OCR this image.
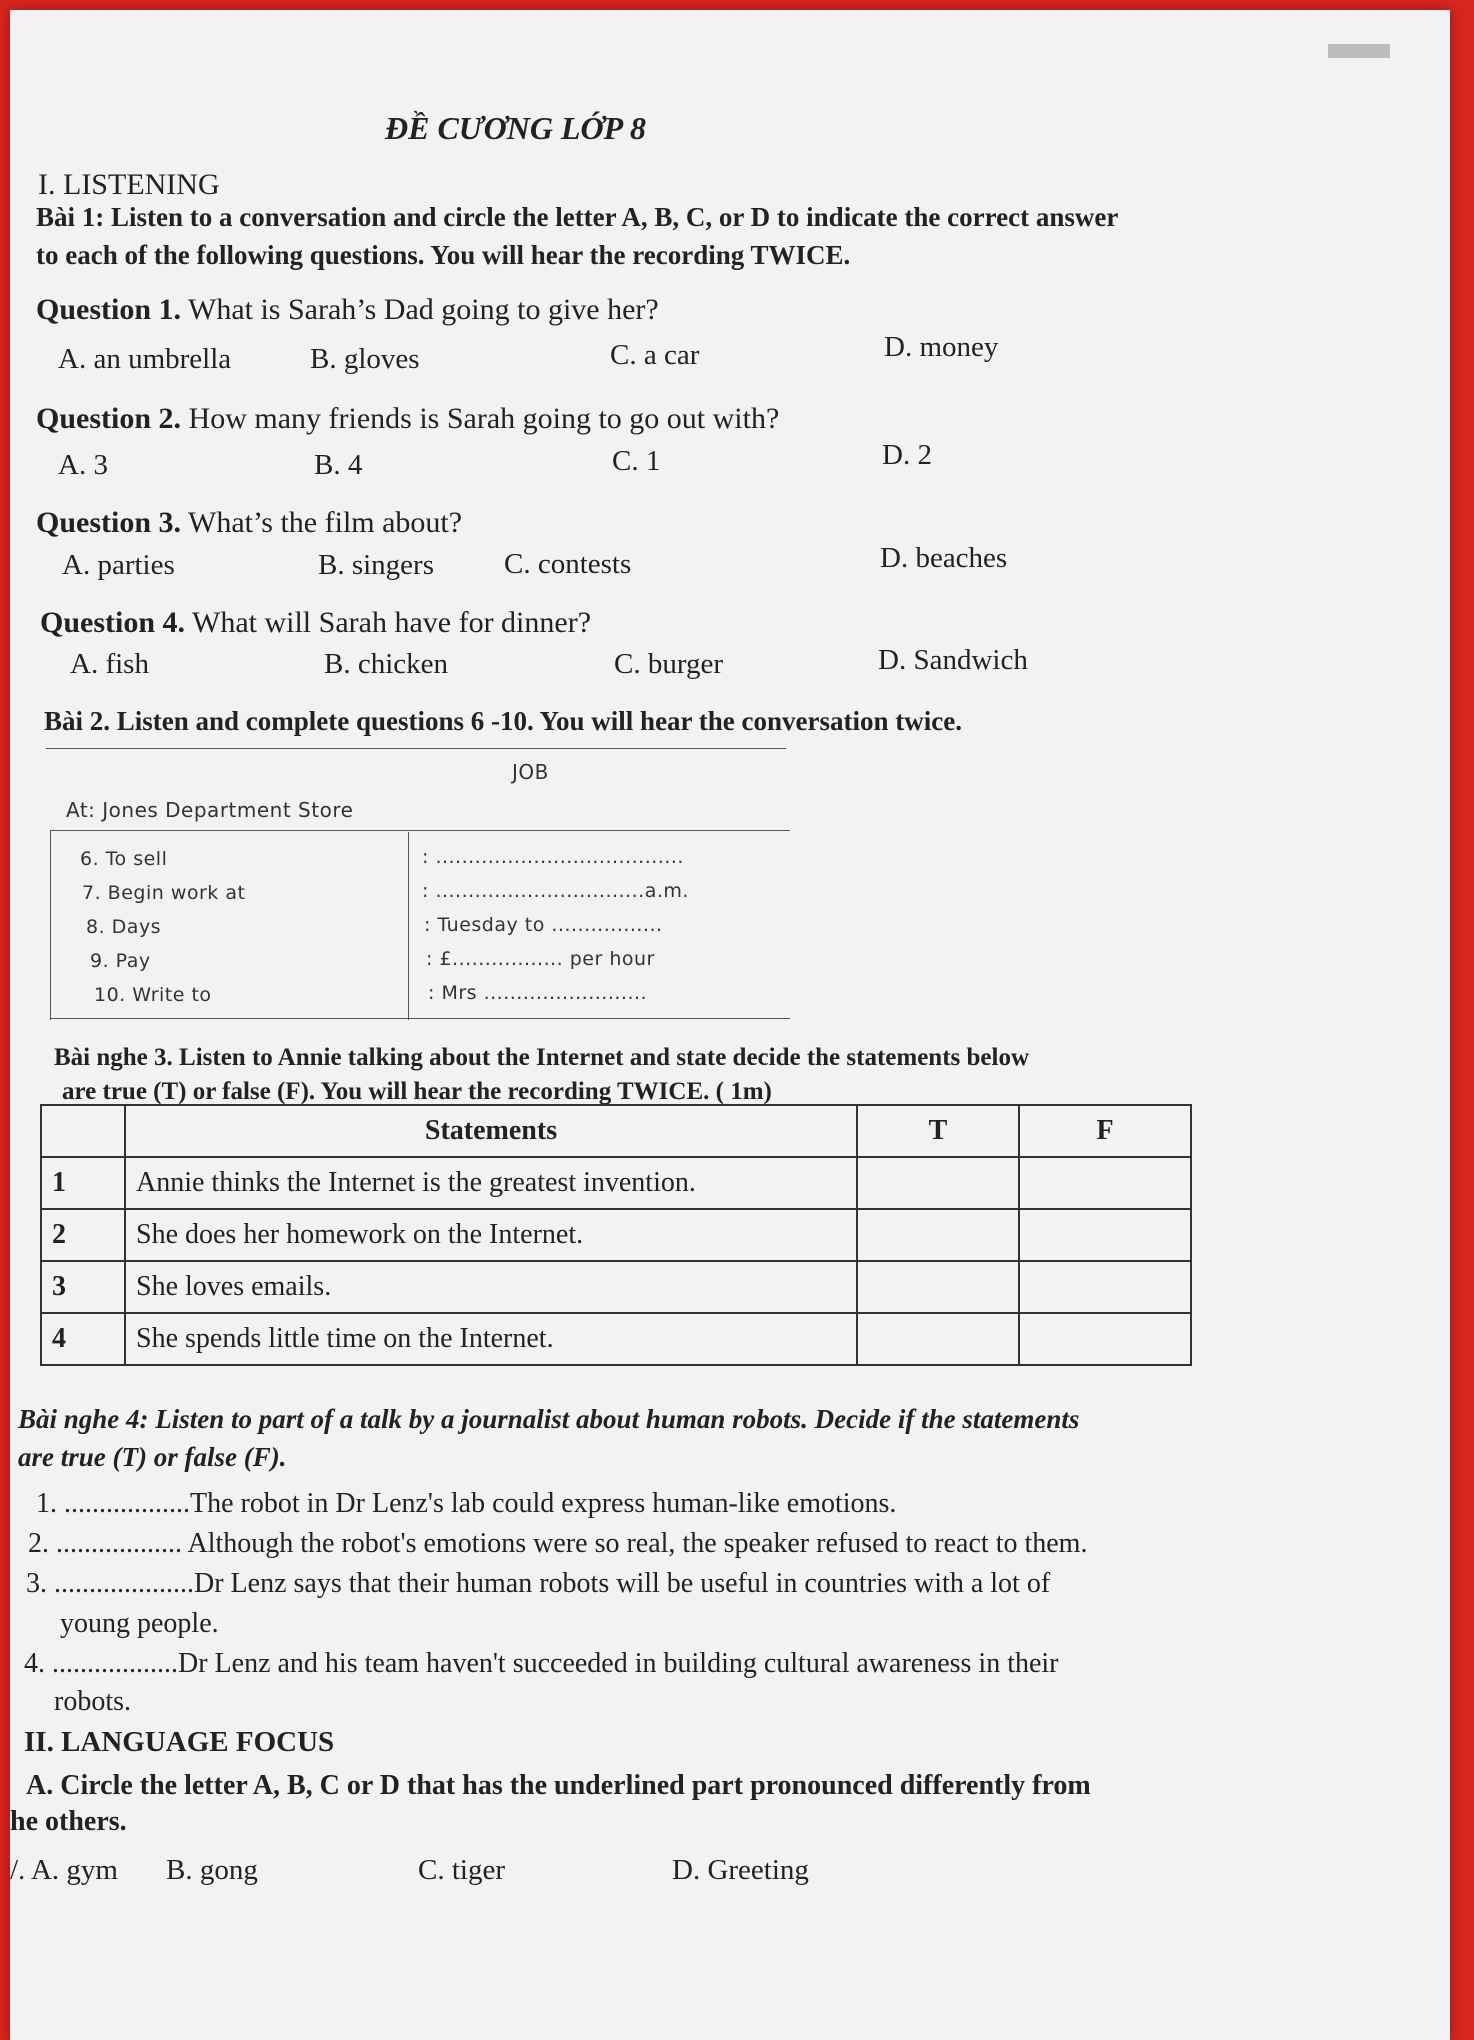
ĐỀ CƯƠNG LỚP 8
I. LISTENING
Bài 1: Listen to a conversation and circle the letter A, B, C, or D to indicate the correct answer
to each of the following questions. You will hear the recording TWICE.
Question 1. What is Sarah’s Dad going to give her?
A. an umbrella	B. gloves	C. a car	D. money
Question 2. How many friends is Sarah going to go out with?
A. 3	B. 4	C. 1	D. 2
Question 3. What’s the film about?
A. parties	B. singers C. contests	D. beaches
Question 4. What will Sarah have for dinner?
A. fish	B. chicken	C. burger	D. Sandwich
Bài 2. Listen and complete questions 6 -10. You will hear the conversation twice.
JOB
At: Jones Department Store
6. To sell	: ......................................
7. Begin work at	: ................................a.m.
8. Days	: Tuesday to .................
9. Pay	: £................. per hour
10. Write to	: Mrs .........................
Bài nghe 3. Listen to Annie talking about the Internet and state decide the statements below
are true (T) or false (F). You will hear the recording TWICE. ( 1m)
	Statements	T	F
1	Annie thinks the Internet is the greatest invention.		
2	She does her homework on the Internet.		
3	She loves emails.		
4	She spends little time on the Internet.		
Bài nghe 4: Listen to part of a talk by a journalist about human robots. Decide if the statements
are true (T) or false (F).
1. ..................The robot in Dr Lenz's lab could express human-like emotions.
2. .................. Although the robot's emotions were so real, the speaker refused to react to them.
3. ....................Dr Lenz says that their human robots will be useful in countries with a lot of
young people.
4. ..................Dr Lenz and his team haven't succeeded in building cultural awareness in their
robots.
II. LANGUAGE FOCUS
A. Circle the letter A, B, C or D that has the underlined part pronounced differently from
he others.
/. A. gym B. gong	C. tiger	D. Greeting
